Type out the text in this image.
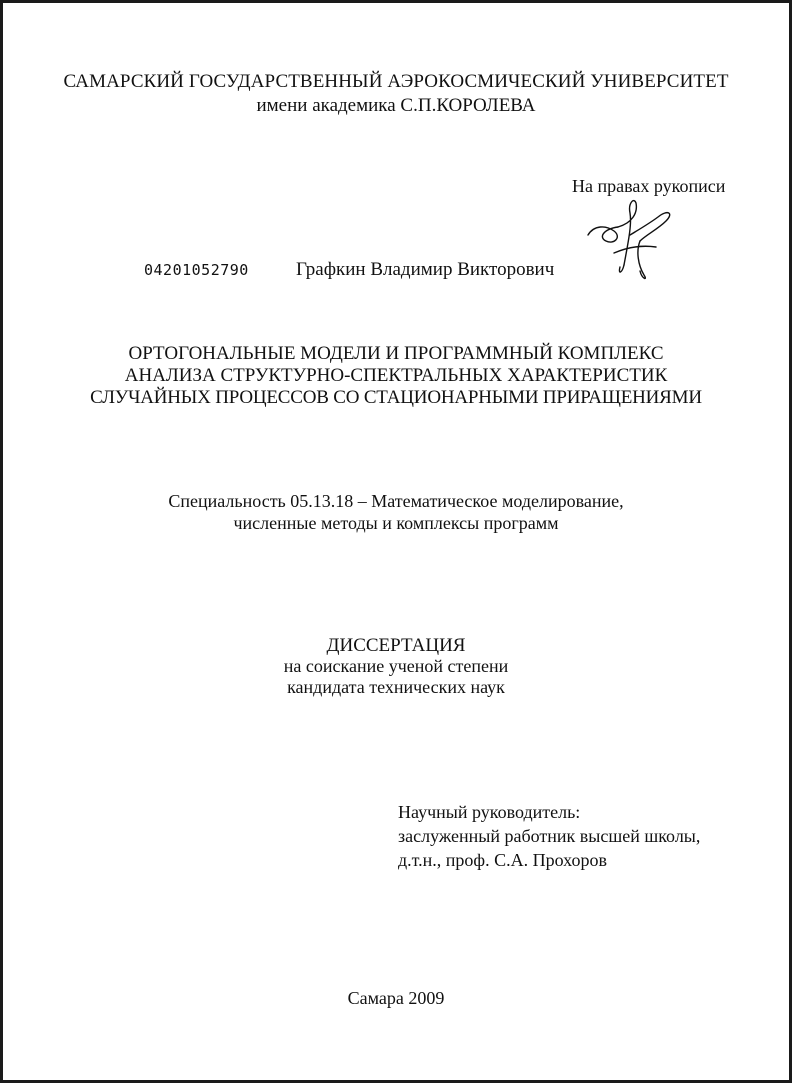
САМАРСКИЙ ГОСУДАРСТВЕННЫЙ АЭРОКОСМИЧЕСКИЙ УНИВЕРСИТЕТ
имени академика С.П.КОРОЛЕВА
На правах рукописи
04201052790 Графкин Владимир Викторович
ОРТОГОНАЛЬНЫЕ МОДЕЛИ И ПРОГРАММНЫЙ КОМПЛЕКС
АНАЛИЗА СТРУКТУРНО-СПЕКТРАЛЬНЫХ ХАРАКТЕРИСТИК
СЛУЧАЙНЫХ ПРОЦЕССОВ СО СТАЦИОНАРНЫМИ ПРИРАЩЕНИЯМИ
Специальность 05.13.18 – Математическое моделирование,
численные методы и комплексы программ
ДИССЕРТАЦИЯ
на соискание ученой степени
кандидата технических наук
Научный руководитель:
заслуженный работник высшей школы,
д.т.н., проф. С.А. Прохоров
Самара 2009
